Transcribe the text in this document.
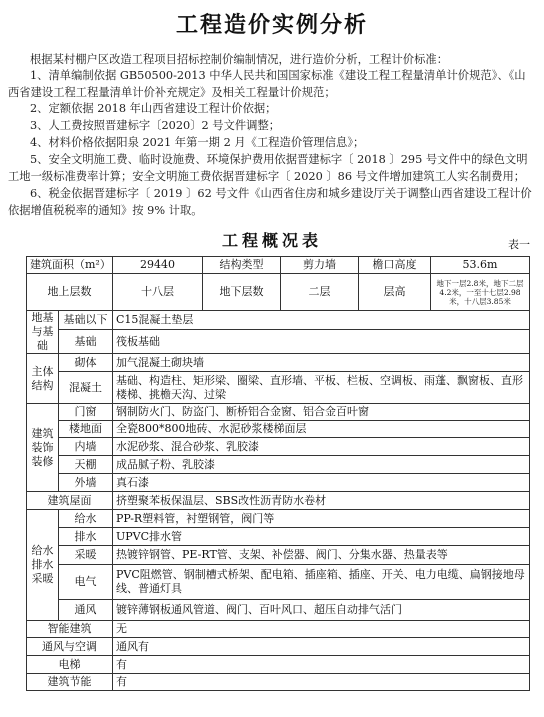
工程造价实例分析
根据某村棚户区改造工程项目招标控制价编制情况，进行造价分析，工程计价标准：
1、清单编制依据 GB50500-2013 中华人民共和国国家标准《建设工程工程量清单计价规范》、《山西省建设工程工程量清单计价补充规定》及相关工程量计价规范；
2、定额依据 2018 年山西省建设工程计价依据；
3、人工费按照晋建标字〔2020〕2 号文件调整；
4、材料价格依据阳泉 2021 年第一期 2 月《工程造价管理信息》；
5、安全文明施工费、临时设施费、环境保护费用依据晋建标字〔 2018 〕295 号文件中的绿色文明工地一级标准费率计算；安全文明施工费依据晋建标字〔 2020 〕86 号文件增加建筑工人实名制费用；
6、税金依据晋建标字〔 2019 〕62 号文件《山西省住房和城乡建设厅关于调整山西省建设工程计价依据增值税税率的通知》按 9% 计取。
工程概况表	表一
建筑面积（m²）		29440	结构类型	剪力墙	檐口高度	53.6m
地上层数		十八层	地下层数	二层	层高	地下一层2.8米，地下二层4.2米，一至十七层2.98米，十八层3.85米
地基与基础	基础以下	C15混凝土垫层				
	基础	筏板基础				
主体结构	砌体	加气混凝土砌块墙				
	混凝土	基础、构造柱、矩形梁、圈梁、直形墙、平板、栏板、空调板、雨蓬、飘窗板、直形楼梯、挑檐天沟、过梁				
建筑装饰装修	门窗	钢制防火门、防盗门、断桥铝合金窗、铝合金百叶窗				
	楼地面	全瓷800*800地砖、水泥砂浆楼梯面层				
	内墙	水泥砂浆、混合砂浆、乳胶漆				
	天棚	成品腻子粉、乳胶漆				
	外墙	真石漆				
建筑屋面		挤塑聚苯板保温层、SBS改性沥青防水卷材				
给水排水采暖	给水	PP-R塑料管，衬塑钢管，阀门等				
	排水	UPVC排水管				
	采暖	热镀锌钢管、PE-RT管、支架、补偿器、阀门、分集水器、热量表等				
	电气	PVC阻燃管、钢制槽式桥架、配电箱、插座箱、插座、开关、电力电缆、扁钢接地母线、普通灯具				
	通风	镀锌薄钢板通风管道、阀门、百叶风口、超压自动排气活门				
智能建筑		无				
通风与空调		通风有				
电梯		有				
建筑节能		有				
